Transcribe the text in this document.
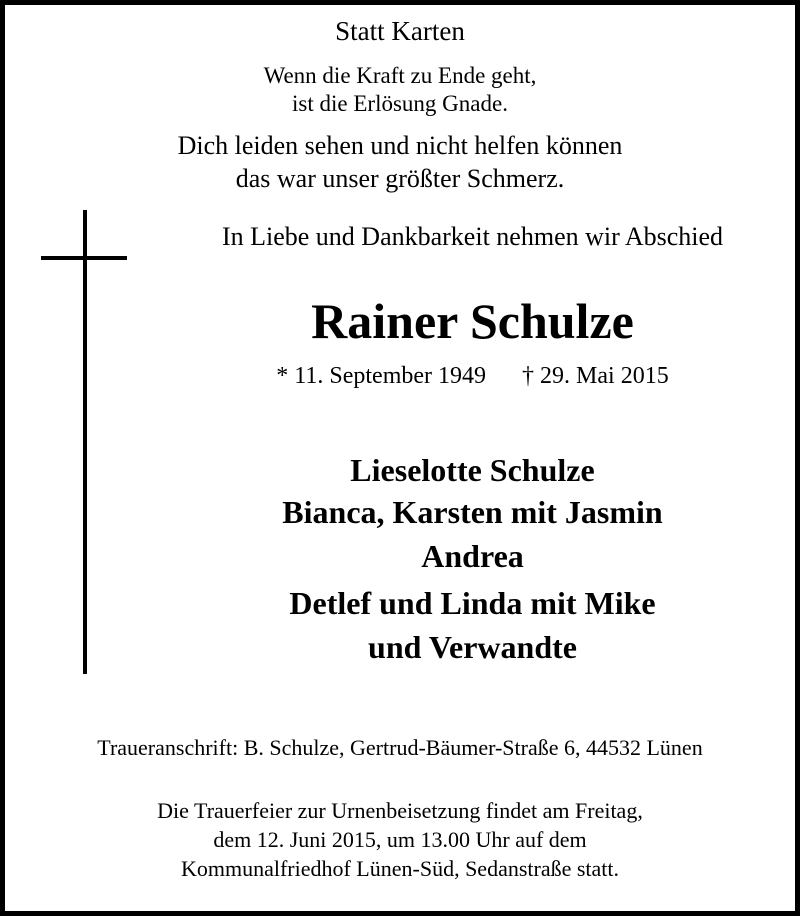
Statt Karten
Wenn die Kraft zu Ende geht,
ist die Erlösung Gnade.
Dich leiden sehen und nicht helfen können
das war unser größter Schmerz.
In Liebe und Dankbarkeit nehmen wir Abschied
Rainer Schulze
* 11. September 1949 † 29. Mai 2015
Lieselotte Schulze
Bianca, Karsten mit Jasmin
Andrea
Detlef und Linda mit Mike
und Verwandte
Traueranschrift: B. Schulze, Gertrud-Bäumer-Straße 6, 44532 Lünen
Die Trauerfeier zur Urnenbeisetzung findet am Freitag,
dem 12. Juni 2015, um 13.00 Uhr auf dem
Kommunalfriedhof Lünen-Süd, Sedanstraße statt.
